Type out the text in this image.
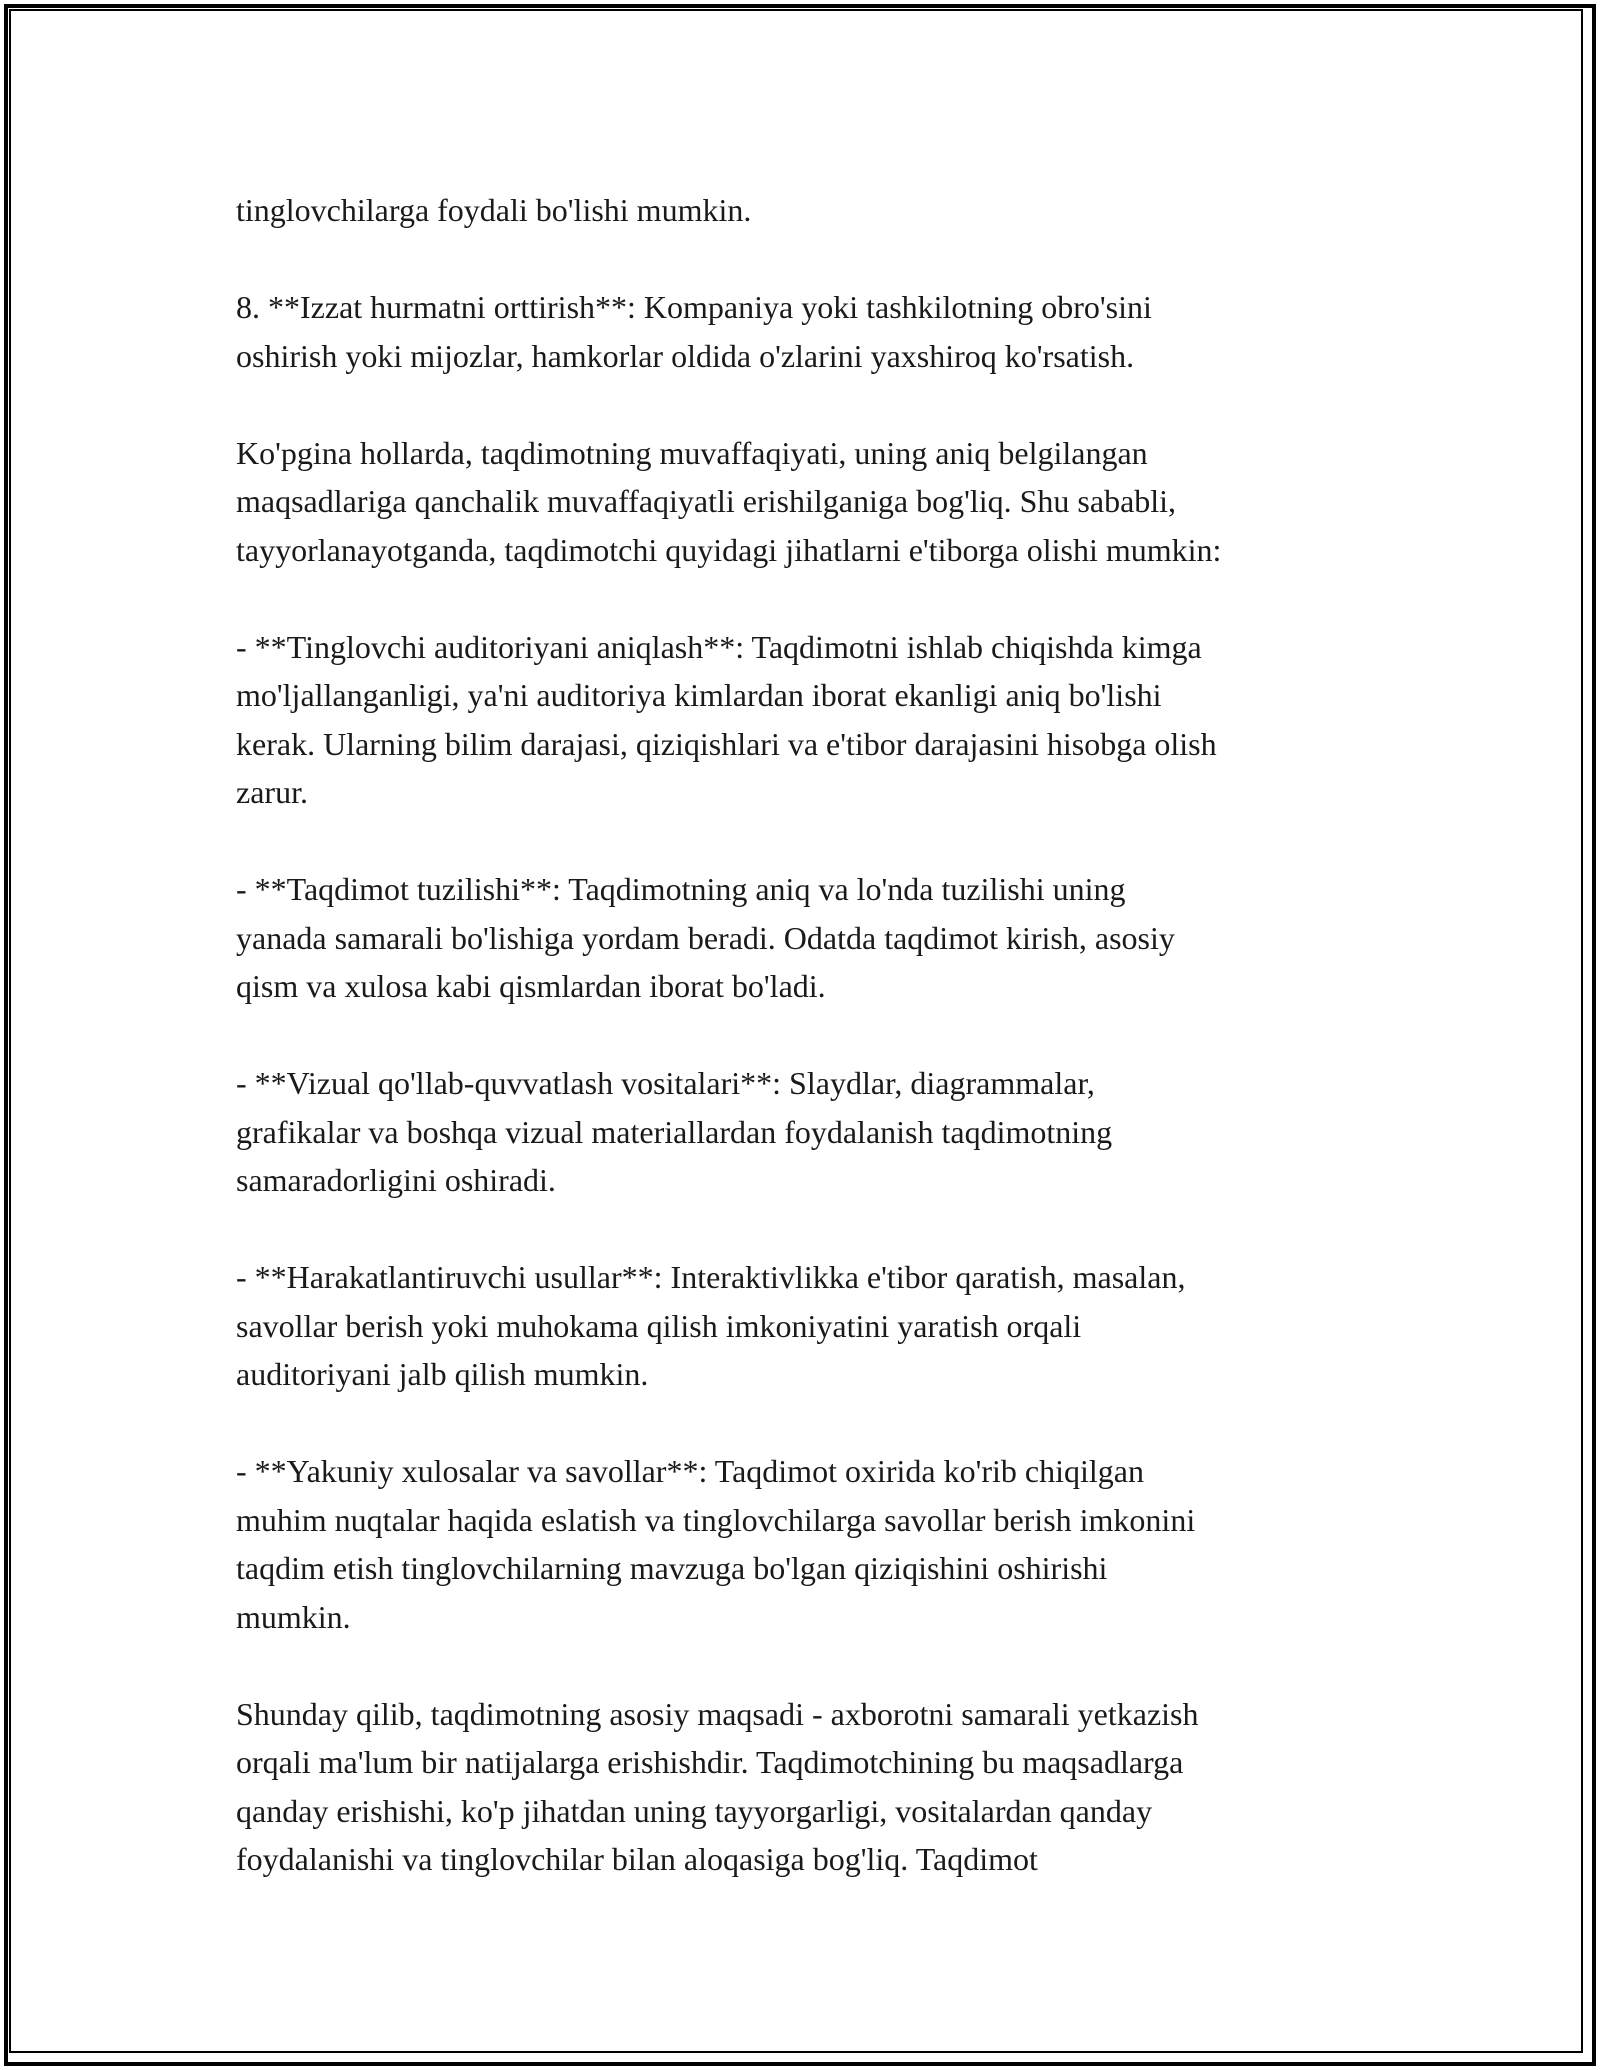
tinglovchilarga foydali bo'lishi mumkin.

8. **Izzat hurmatni orttirish**: Kompaniya yoki tashkilotning obro'sini
oshirish yoki mijozlar, hamkorlar oldida o'zlarini yaxshiroq ko'rsatish.

Ko'pgina hollarda, taqdimotning muvaffaqiyati, uning aniq belgilangan
maqsadlariga qanchalik muvaffaqiyatli erishilganiga bog'liq. Shu sababli,
tayyorlanayotganda, taqdimotchi quyidagi jihatlarni e'tiborga olishi mumkin:

- **Tinglovchi auditoriyani aniqlash**: Taqdimotni ishlab chiqishda kimga
mo'ljallanganligi, ya'ni auditoriya kimlardan iborat ekanligi aniq bo'lishi
kerak. Ularning bilim darajasi, qiziqishlari va e'tibor darajasini hisobga olish
zarur.

- **Taqdimot tuzilishi**: Taqdimotning aniq va lo'nda tuzilishi uning
yanada samarali bo'lishiga yordam beradi. Odatda taqdimot kirish, asosiy
qism va xulosa kabi qismlardan iborat bo'ladi.

- **Vizual qo'llab-quvvatlash vositalari**: Slaydlar, diagrammalar,
grafikalar va boshqa vizual materiallardan foydalanish taqdimotning
samaradorligini oshiradi.

- **Harakatlantiruvchi usullar**: Interaktivlikka e'tibor qaratish, masalan,
savollar berish yoki muhokama qilish imkoniyatini yaratish orqali
auditoriyani jalb qilish mumkin.

- **Yakuniy xulosalar va savollar**: Taqdimot oxirida ko'rib chiqilgan
muhim nuqtalar haqida eslatish va tinglovchilarga savollar berish imkonini
taqdim etish tinglovchilarning mavzuga bo'lgan qiziqishini oshirishi
mumkin.

Shunday qilib, taqdimotning asosiy maqsadi - axborotni samarali yetkazish
orqali ma'lum bir natijalarga erishishdir. Taqdimotchining bu maqsadlarga
qanday erishishi, ko'p jihatdan uning tayyorgarligi, vositalardan qanday
foydalanishi va tinglovchilar bilan aloqasiga bog'liq. Taqdimot
